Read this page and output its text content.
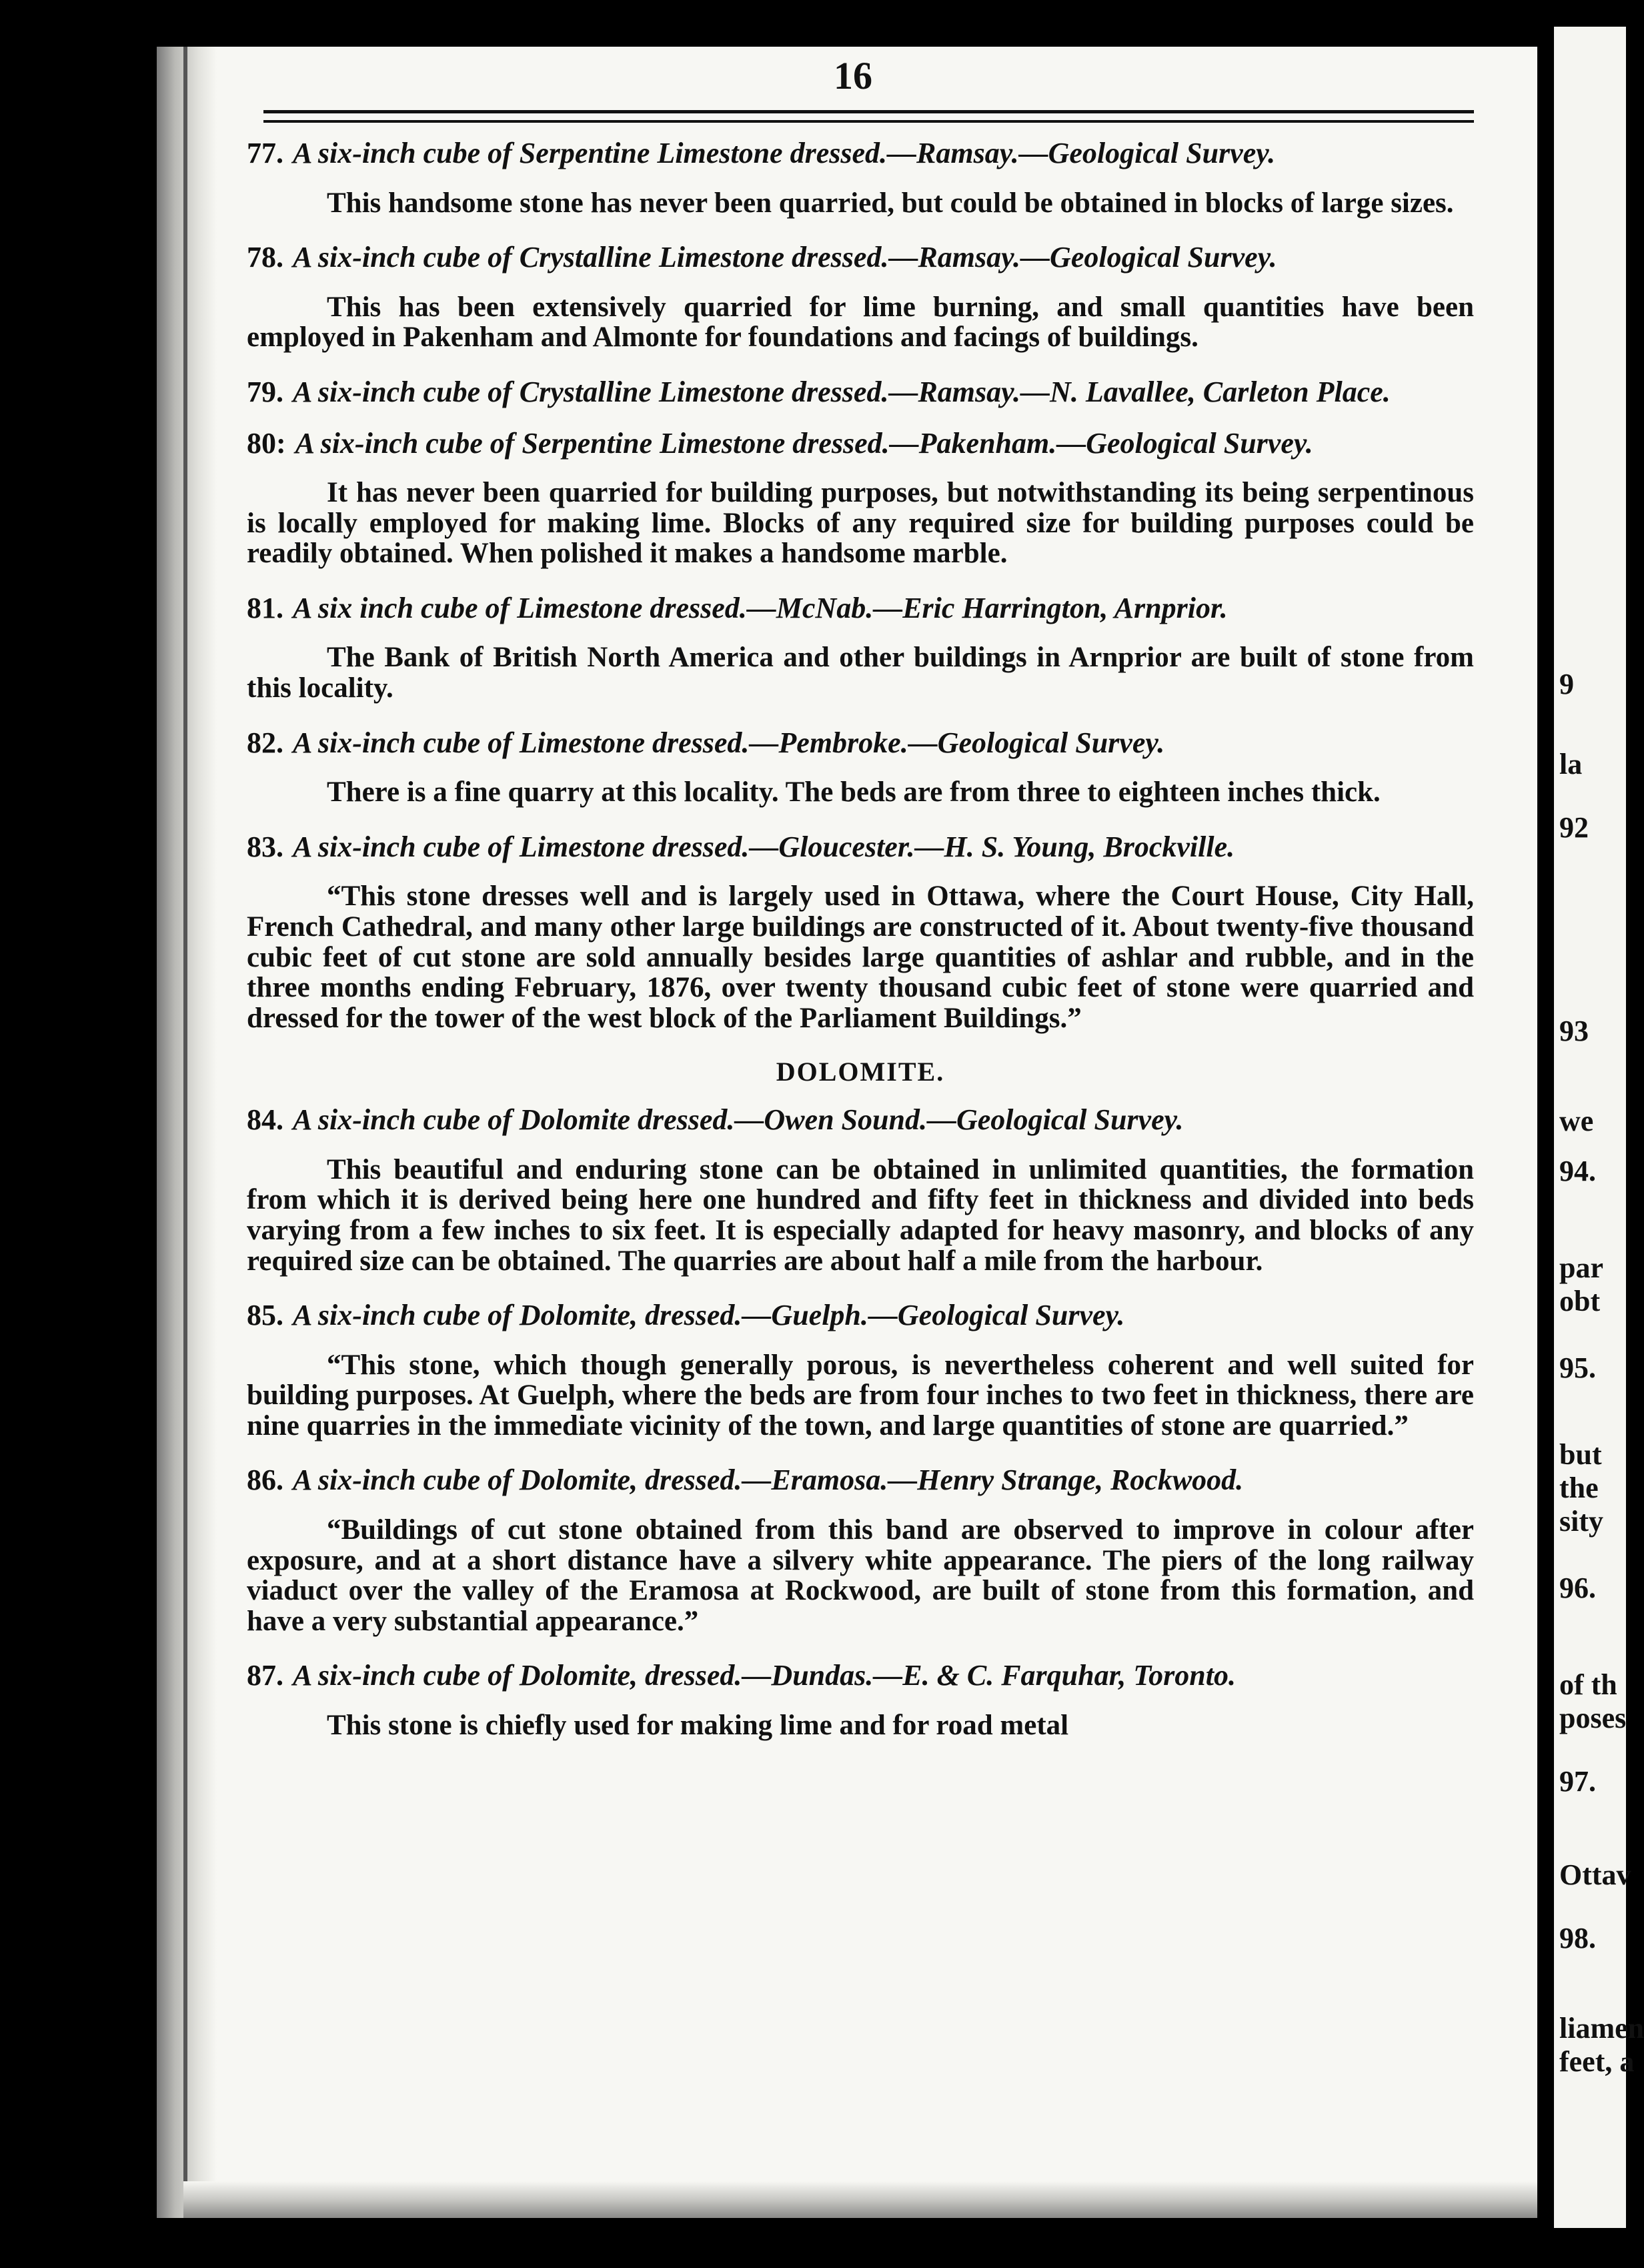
9
la
92
93
we
94.
par
obt
95.
but
the
sity
96.
of th
poses
97.
Ottav
98.
liamen
feet, a
16
77. A six-inch cube of Serpentine Limestone dressed.—Ramsay.—Geological Survey.

This handsome stone has never been quarried, but could be obtained in blocks of large sizes.

78. A six-inch cube of Crystalline Limestone dressed.—Ramsay.—Geological Survey.

This has been extensively quarried for lime burning, and small quantities have been employed in Pakenham and Almonte for foundations and facings of buildings.

79. A six-inch cube of Crystalline Limestone dressed.—Ramsay.—N. Lavallee, Carleton Place.
80: A six-inch cube of Serpentine Limestone dressed.—Pakenham.—Geological Survey.

It has never been quarried for building purposes, but notwithstanding its being serpentinous is locally employed for making lime. Blocks of any required size for building purposes could be readily obtained. When polished it makes a handsome marble.

81. A six inch cube of Limestone dressed.—McNab.—Eric Harrington, Arnprior.

The Bank of British North America and other buildings in Arnprior are built of stone from this locality.

82. A six-inch cube of Limestone dressed.—Pembroke.—Geological Survey.

There is a fine quarry at this locality. The beds are from three to eighteen inches thick.

83. A six-inch cube of Limestone dressed.—Gloucester.—H. S. Young, Brockville.

“This stone dresses well and is largely used in Ottawa, where the Court House, City Hall, French Cathedral, and many other large buildings are constructed of it. About twenty-five thousand cubic feet of cut stone are sold annually besides large quantities of ashlar and rubble, and in the three months ending February, 1876, over twenty thousand cubic feet of stone were quarried and dressed for the tower of the west block of the Parliament Buildings.”

DOLOMITE.
84. A six-inch cube of Dolomite dressed.—Owen Sound.—Geological Survey.

This beautiful and enduring stone can be obtained in unlimited quantities, the formation from which it is derived being here one hundred and fifty feet in thickness and divided into beds varying from a few inches to six feet. It is especially adapted for heavy masonry, and blocks of any required size can be obtained. The quarries are about half a mile from the harbour.

85. A six-inch cube of Dolomite, dressed.—Guelph.—Geological Survey.

“This stone, which though generally porous, is nevertheless coherent and well suited for building purposes. At Guelph, where the beds are from four inches to two feet in thickness, there are nine quarries in the immediate vicinity of the town, and large quantities of stone are quarried.”

86. A six-inch cube of Dolomite, dressed.—Eramosa.—Henry Strange, Rockwood.

“Buildings of cut stone obtained from this band are observed to improve in colour after exposure, and at a short distance have a silvery white appearance. The piers of the long railway viaduct over the valley of the Eramosa at Rockwood, are built of stone from this formation, and have a very substantial appearance.”

87. A six-inch cube of Dolomite, dressed.—Dundas.—E. & C. Farquhar, Toronto.

This stone is chiefly used for making lime and for road metal
